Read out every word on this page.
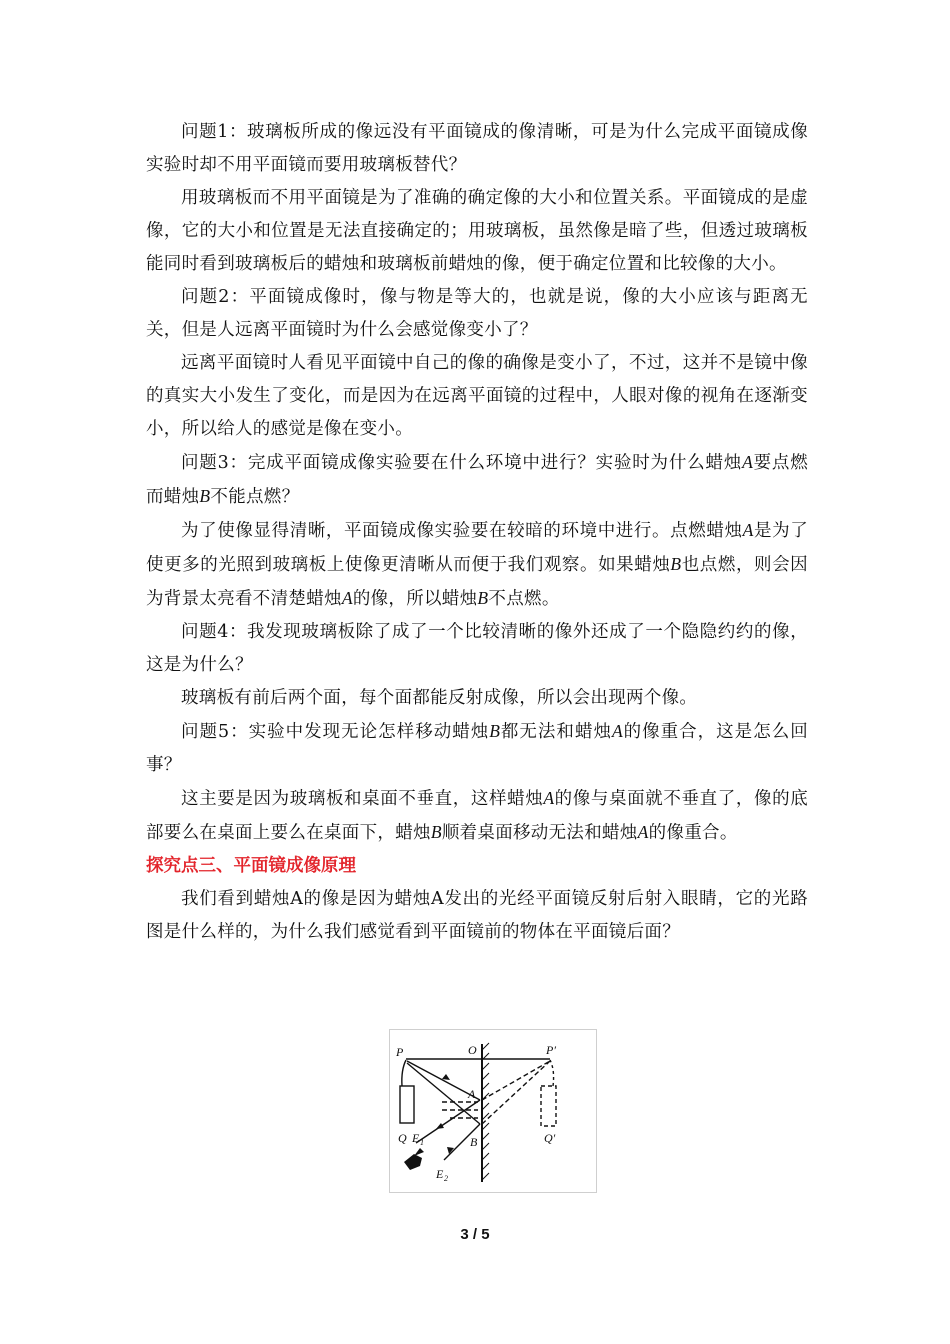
问题1：玻璃板所成的像远没有平面镜成的像清晰，可是为什么完成平面镜成像实验时却不用平面镜而要用玻璃板替代？

用玻璃板而不用平面镜是为了准确的确定像的大小和位置关系。平面镜成的是虚像，它的大小和位置是无法直接确定的；用玻璃板，虽然像是暗了些，但透过玻璃板能同时看到玻璃板后的蜡烛和玻璃板前蜡烛的像，便于确定位置和比较像的大小。

问题2：平面镜成像时，像与物是等大的，也就是说，像的大小应该与距离无关，但是人远离平面镜时为什么会感觉像变小了？

远离平面镜时人看见平面镜中自己的像的确像是变小了，不过，这并不是镜中像的真实大小发生了变化，而是因为在远离平面镜的过程中，人眼对像的视角在逐渐变小，所以给人的感觉是像在变小。

问题3：完成平面镜成像实验要在什么环境中进行？实验时为什么蜡烛A要点燃而蜡烛B不能点燃？

为了使像显得清晰，平面镜成像实验要在较暗的环境中进行。点燃蜡烛A是为了使更多的光照到玻璃板上使像更清晰从而便于我们观察。如果蜡烛B也点燃，则会因为背景太亮看不清楚蜡烛A的像，所以蜡烛B不点燃。

问题4：我发现玻璃板除了成了一个比较清晰的像外还成了一个隐隐约约的像，这是为什么？

玻璃板有前后两个面，每个面都能反射成像，所以会出现两个像。

问题5：实验中发现无论怎样移动蜡烛B都无法和蜡烛A的像重合，这是怎么回事？

这主要是因为玻璃板和桌面不垂直，这样蜡烛A的像与桌面就不垂直了，像的底部要么在桌面上要么在桌面下，蜡烛B顺着桌面移动无法和蜡烛A的像重合。

探究点三、平面镜成像原理

我们看到蜡烛A的像是因为蜡烛A发出的光经平面镜反射后射入眼睛，它的光路图是什么样的，为什么我们感觉看到平面镜前的物体在平面镜后面？

P	O	P′
A
Q E 1	B
E 2
Q′
3 / 5
